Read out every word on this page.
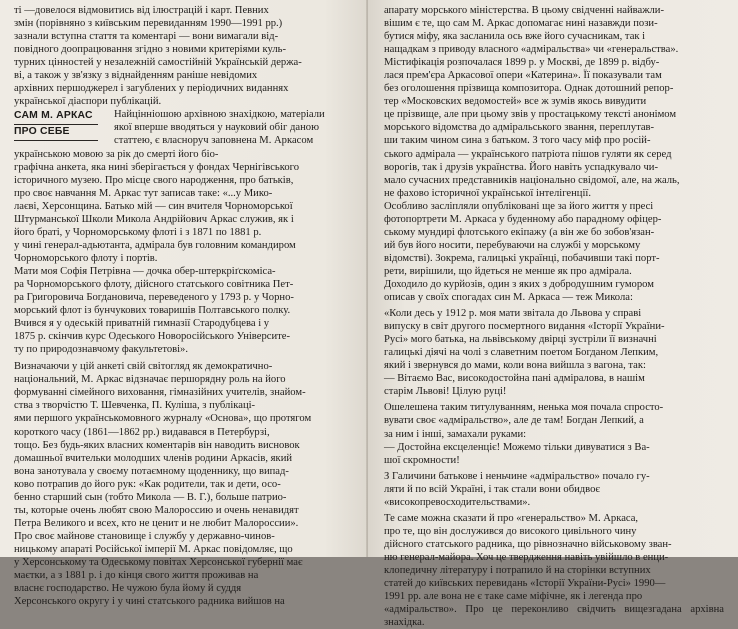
ті —довелося відмовитись від ілюстрацій і карт. Певних
змін (порівняно з київським перевиданням 1990—1991 рр.)
зазнали вступна стаття та коментарі — вони вимагали від-
повідного доопрацювання згідно з новими критеріями куль-
турних цінностей у незалежній самостійній Українській держа-
ві, а також у зв'язку з віднайденням раніше невідомих
архівних першоджерел і загублених у періодичних виданнях
української діаспори публікацій.

САМ М. АРКАС
ПРО СЕБЕ

Найцінніошою архівною знахідкою, матеріали
якої вперше вводяться у науковий обіг даною
статтею, є власноруч заповнена М. Аркасом
українською мовою за рік до смерті його біо-
графічна анкета, яка нині зберігається у фондах Чернігівського
історичного музею. Про місце свого народження, про батьків,
про своє навчання М. Аркас тут записав таке: «...у Мико-
лаєві, Херсонщина. Батько мій — син вчителя Чорноморської
Штурманської Школи Микола Андрійович Аркас служив, як і
його браті, у Чорноморському флоті і з 1871 по 1881 р.
у чині генерал-адьютанта, адмірала був головним командиром
Чорноморського флоту і портів.

Мати моя Софія Петрівна — дочка обер-штеркріґскоміса-
ра Чорноморського флоту, дійсного статського совітника Пет-
ра Григоровича Богдановича, переведеного у 1793 р. у Чорно-
морський флот із бунчукових товаришів Полтавського полку.
Вчився я у одеській приватній гимназії Стародубцева і у
1875 р. скінчив курс Одеського Новоросійського Університе-
ту по природознавчому факультетові».

Визначаючи у цій анкеті свій світогляд як демократично-
національний, М. Аркас відзначає першорядну роль на його
формуванні сімейного виховання, гімназійних учителів, знайом-
ства з творчістю Т. Шевченка, П. Куліша, з публікаці-
ями першого українськомовного журналу «Основа», що протягом
короткого часу (1861—1862 рр.) видавався в Петербурзі,
тощо. Без будь-яких власних коментарів він наводить висновок
домашньої вчительки молодших членів родини Аркасів, який
вона занотувала у своєму потаємному щоденнику, що випад-
ково потрапив до його рук: «Как родители, так и дети, осо-
бенно старший сын (тобто Микола — В. Г.), больше патрио-
ты, которые очень любят свою Малороссию и очень ненавидят
Петра Великого и всех, кто не ценит и не любит Малороссии».

Про своє майнове становище і службу у державно-чинов-
ницькому апараті Російської імперії М. Аркас повідомляє, що
у Херсонському та Одеському повітах Херсонської губернії має
маєтки, а з 1881 р. і до кінця свого життя проживав на
власнє господарство. Не чужою була йому й суддя
Херсонського округу і у чині статського радника вийшов на

апарату морського міністерства. В цьому свідченні найважли-
вішим є те, що сам М. Аркас допомагає нині назавжди пози-
бутися міфу, яка засланила ось вже його сучасникам, так і
нащадкам з приводу власного «адміральства» чи «генеральства».

Містифікація розпочалася 1899 р. у Москві, де 1899 р. відбу-
лася прем'єра Аркасової опери «Катерина». Її показували там
без оголошення прізвища композитора. Однак дотошний репор-
тер «Московских ведомостей» все ж зумів якось вивудити
це прізвище, але при цьому звів у простацькому тексті анонімом
морського відомства до адміральського звання, переплутав-
ши таким чином сина з батьком. З того часу міф про росій-
ського адмірала — українського патріота пішов гуляти як серед
ворогів, так і друзів українства. Його навіть успадкувало чи-
мало сучасних представників національно свідомої, але, на жаль,
не фахово історичної української інтелігенції.

Особливо засліпляли опубліковані ще за його життя у пресі
фотопортрети М. Аркаса у буденному або парадному офіцер-
ському мундирі флотського екіпажу (а він же бо зобов'язан-
ий був його носити, перебуваючи на службі у морському
відомстві). Зокрема, галицькі українці, побачивши такі порт-
рети, вирішили, що йдеться не менше як про адмірала.
Доходило до курйозів, один з яких з добродушним гумором
описав у своїх спогадах син М. Аркаса — теж Микола:

«Коли десь у 1912 р. моя мати звітала до Львова у справі
випуску в світ другого посмертного видання «Історії України-
Русі» мого батька, на львівському двірці зустріли її визначні
галицькі діячі на чолі з славетним поетом Богданом Лепким,
який і звернувся до мами, коли вона вийшла з вагона, так:
— Вітаємо Вас, високодостойна пані адміралова, в нашім
старім Львові! Цілую руці!

Ошелешена таким титулуванням, ненька моя почала спросто-
вувати своє «адміральство», але де там! Богдан Лепкий, а
за ним і інші, замахали руками:
— Достойна ексцеленціє! Можемо тільки дивуватися з Ва-
шої скромности!

З Галичини батькове і неньчине «адміральство» почало гу-
ляти й по всій Україні, і так стали вони обидвоє
«високопревосходительствами».

Те саме можна сказати й про «генеральство» М. Аркаса,
про те, що він дослужився до високого цивільного чину
дійсного статського радника, що рівнозначно військовому зван-
ню генерал-майора. Хоч це твердження навіть увійшло в енци-
клопедичну літературу і потрапило й на сторінки вступних
статей до київських перевидань «Історії України-Русі» 1990—
1991 рр. але вона не є таке саме міфічне, як і легенда про
«адміральство». Про це переконливо свідчить вищезгадана архівна знахідка.
